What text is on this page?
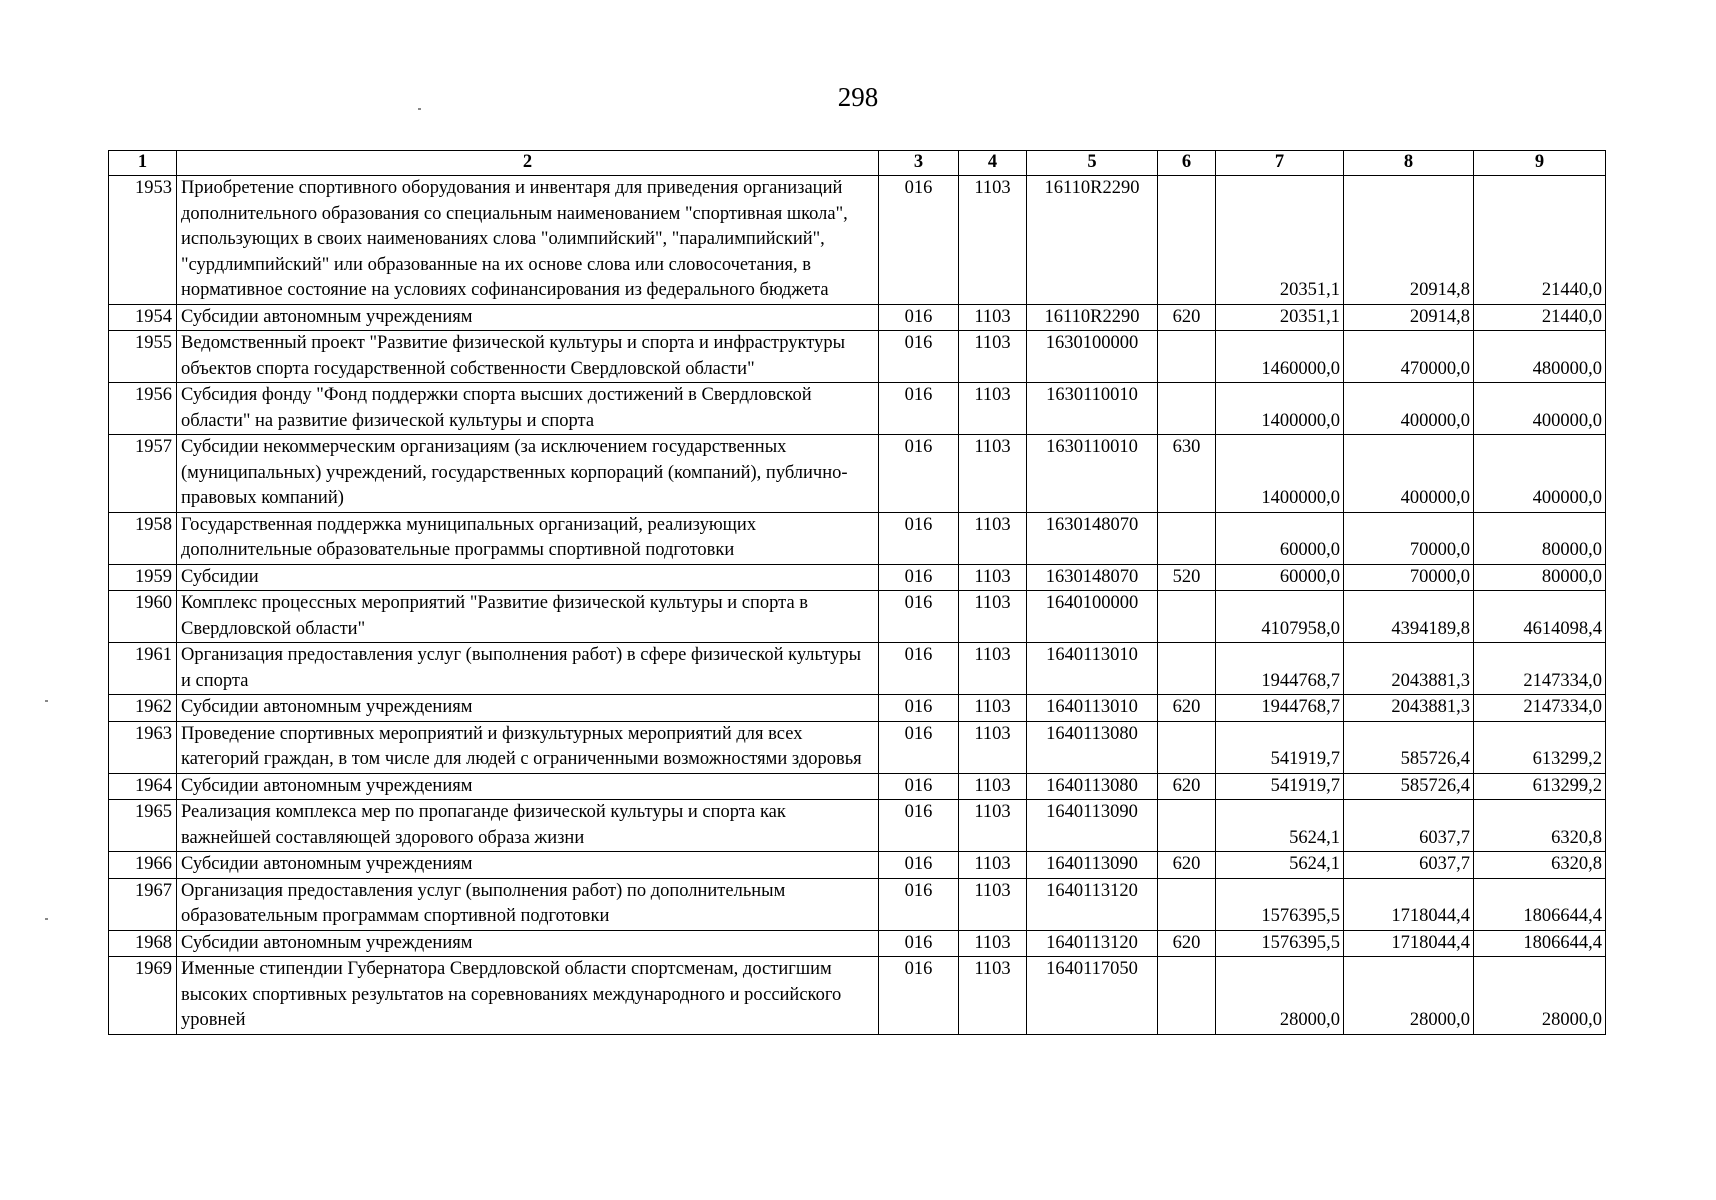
298
1	2	3	4	5	6	7	8	9
1953	Приобретение спортивного оборудования и инвентаря для приведения организаций дополнительного образования со специальным наименованием "спортивная школа", использующих в своих наименованиях слова "олимпийский", "паралимпийский", "сурдлимпийский" или образованные на их основе слова или словосочетания, в нормативное состояние на условиях софинансирования из федерального бюджета	016	1103	16110R2290		20351,1	20914,8	21440,0
1954	Субсидии автономным учреждениям	016	1103	16110R2290	620	20351,1	20914,8	21440,0
1955	Ведомственный проект "Развитие физической культуры и спорта и инфраструктуры объектов спорта государственной собственности Свердловской области"	016	1103	1630100000		1460000,0	470000,0	480000,0
1956	Субсидия фонду "Фонд поддержки спорта высших достижений в Свердловской области" на развитие физической культуры и спорта	016	1103	1630110010		1400000,0	400000,0	400000,0
1957	Субсидии некоммерческим организациям (за исключением государственных (муниципальных) учреждений, государственных корпораций (компаний), публично-правовых компаний)	016	1103	1630110010	630	1400000,0	400000,0	400000,0
1958	Государственная поддержка муниципальных организаций, реализующих дополнительные образовательные программы спортивной подготовки	016	1103	1630148070		60000,0	70000,0	80000,0
1959	Субсидии	016	1103	1630148070	520	60000,0	70000,0	80000,0
1960	Комплекс процессных мероприятий "Развитие физической культуры и спорта в Свердловской области"	016	1103	1640100000		4107958,0	4394189,8	4614098,4
1961	Организация предоставления услуг (выполнения работ) в сфере физической культуры и спорта	016	1103	1640113010		1944768,7	2043881,3	2147334,0
1962	Субсидии автономным учреждениям	016	1103	1640113010	620	1944768,7	2043881,3	2147334,0
1963	Проведение спортивных мероприятий и физкультурных мероприятий для всех категорий граждан, в том числе для людей с ограниченными возможностями здоровья	016	1103	1640113080		541919,7	585726,4	613299,2
1964	Субсидии автономным учреждениям	016	1103	1640113080	620	541919,7	585726,4	613299,2
1965	Реализация комплекса мер по пропаганде физической культуры и спорта как важнейшей составляющей здорового образа жизни	016	1103	1640113090		5624,1	6037,7	6320,8
1966	Субсидии автономным учреждениям	016	1103	1640113090	620	5624,1	6037,7	6320,8
1967	Организация предоставления услуг (выполнения работ) по дополнительным образовательным программам спортивной подготовки	016	1103	1640113120		1576395,5	1718044,4	1806644,4
1968	Субсидии автономным учреждениям	016	1103	1640113120	620	1576395,5	1718044,4	1806644,4
1969	Именные стипендии Губернатора Свердловской области спортсменам, достигшим высоких спортивных результатов на соревнованиях международного и российского уровней	016	1103	1640117050		28000,0	28000,0	28000,0
